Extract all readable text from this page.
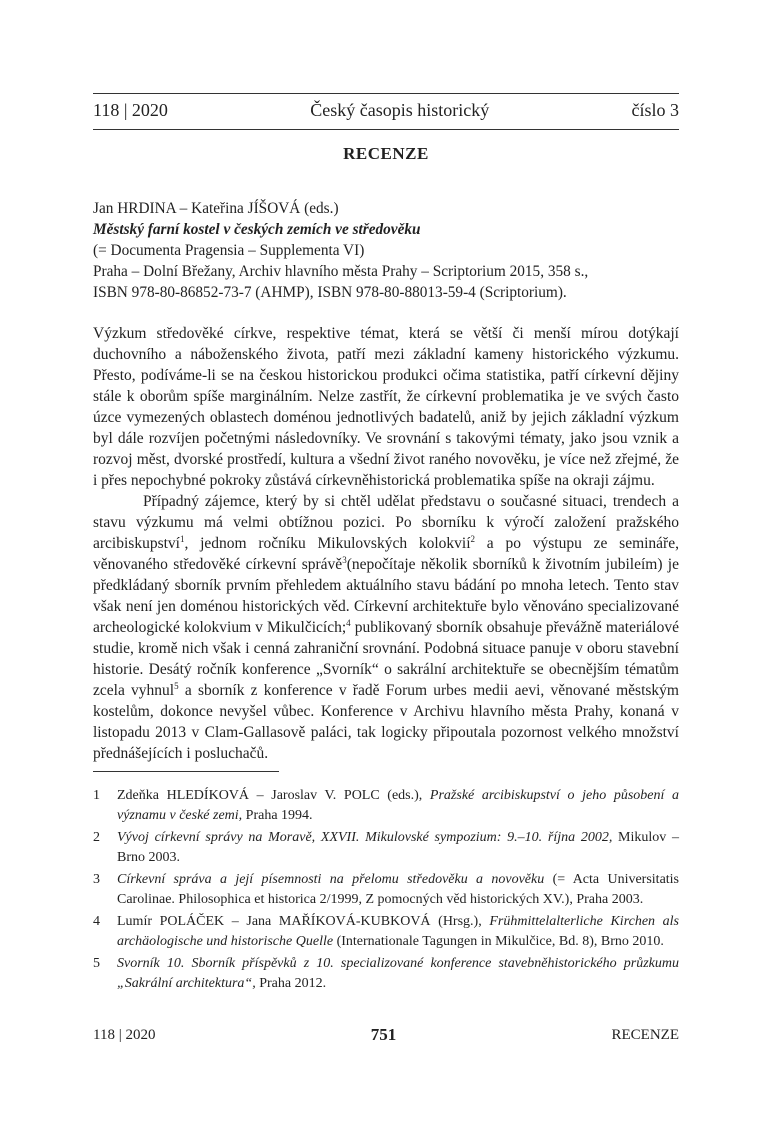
118 | 2020	Český časopis historický	číslo 3
RECENZE
Jan HRDINA – Kateřina JÍŠOVÁ (eds.)
Městský farní kostel v českých zemích ve středověku
(= Documenta Pragensia – Supplementa VI)
Praha – Dolní Břežany, Archiv hlavního města Prahy – Scriptorium 2015, 358 s.,
ISBN 978-80-86852-73-7 (AHMP), ISBN 978-80-88013-59-4 (Scriptorium).

Výzkum středověké církve, respektive témat, která se větší či menší mírou dotýkají duchovního a náboženského života, patří mezi základní kameny historického výzkumu. Přesto, podíváme-li se na českou historickou produkci očima statistika, patří církevní dějiny stále k oborům spíše marginálním. Nelze zastřít, že církevní problematika je ve svých často úzce vymezených oblastech doménou jednotlivých badatelů, aniž by jejich základní výzkum byl dále rozvíjen početnými následovníky. Ve srovnání s takovými tématy, jako jsou vznik a rozvoj měst, dvorské prostředí, kultura a všední život raného novověku, je více než zřejmé, že i přes nepochybné pokroky zůstává církevněhistorická problematika spíše na okraji zájmu.

Případný zájemce, který by si chtěl udělat představu o současné situaci, trendech a stavu výzkumu má velmi obtížnou pozici. Po sborníku k výročí založení pražského arcibiskupství$^1$, jednom ročníku Mikulovských kolokvií$^2$ a po výstupu ze semináře, věnovaného středověké církevní správě$^3$(nepočítaje několik sborníků k životním jubileím) je předkládaný sborník prvním přehledem aktuálního stavu bádání po mnoha letech. Tento stav však není jen doménou historických věd. Církevní architektuře bylo věnováno specializované archeologické kolokvium v Mikulčicích;$^4$ publikovaný sborník obsahuje převážně materiálové studie, kromě nich však i cenná zahraniční srovnání. Podobná situace panuje v oboru stavební historie. Desátý ročník konference „Svorník“ o sakrální architektuře se obecnějším tématům zcela vyhnul$^5$ a sborník z konference v řadě Forum urbes medii aevi, věnované městským kostelům, dokonce nevyšel vůbec. Konference v Archivu hlavního města Prahy, konaná v listopadu 2013 v Clam-Gallasově paláci, tak logicky připoutala pozornost velkého množství přednášejících i posluchačů.

1	Zdeňka HLEDÍKOVÁ – Jaroslav V. POLC (eds.), Pražské arcibiskupství o jeho působení a významu v české zemi, Praha 1994.
2	Vývoj církevní správy na Moravě, XXVII. Mikulovské sympozium: 9.–10. října 2002, Mikulov – Brno 2003.
3	Církevní správa a její písemnosti na přelomu středověku a novověku (= Acta Universitatis Carolinae. Philosophica et historica 2/1999, Z pomocných věd historických XV.), Praha 2003.
4	Lumír POLÁČEK – Jana MAŘÍKOVÁ-KUBKOVÁ (Hrsg.), Frühmittelalterliche Kirchen als archäologische und historische Quelle (Internationale Tagungen in Mikulčice, Bd. 8), Brno 2010.
5	Svorník 10. Sborník příspěvků z 10. specializované konference stavebněhistorického průzkumu „Sakrální architektura“, Praha 2012.
118 | 2020	751	RECENZE
